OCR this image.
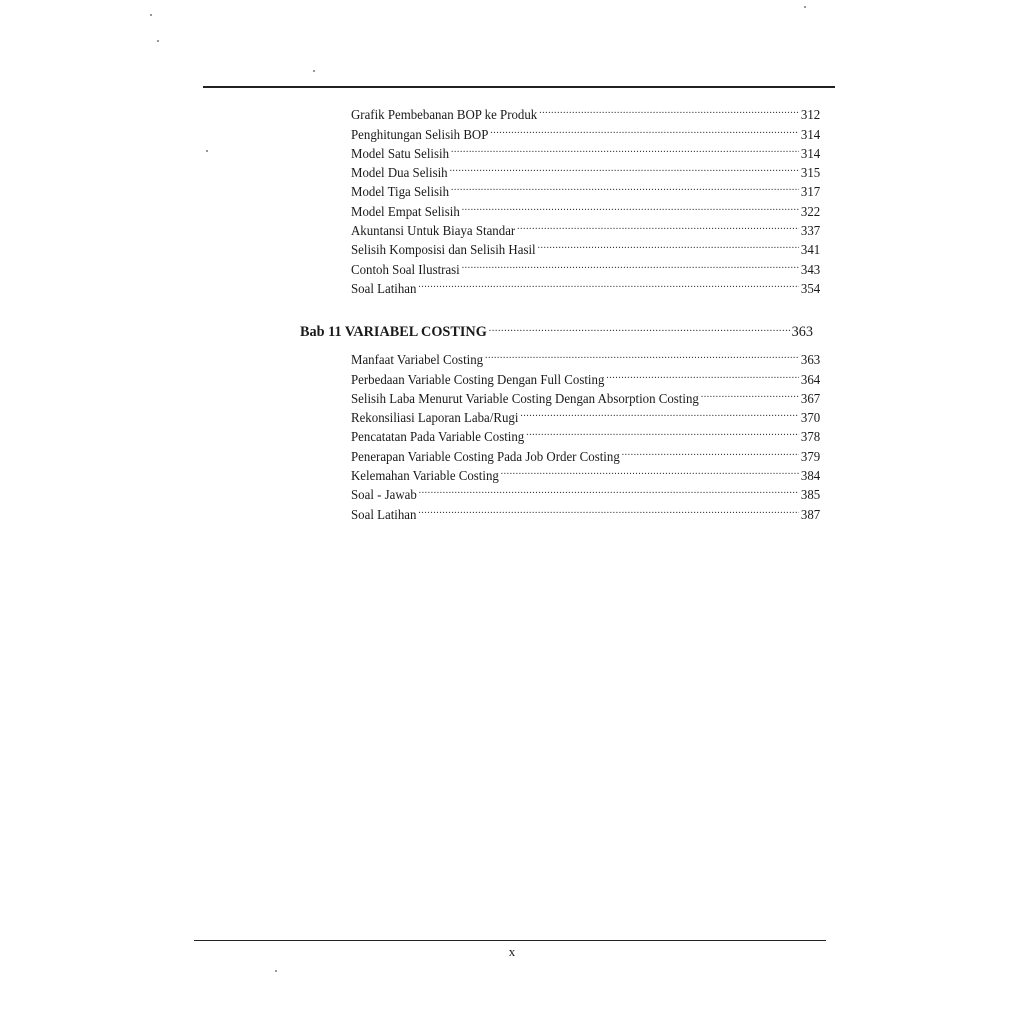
Grafik Pembebanan BOP ke Produk .....	312
Penghitungan Selisih BOP .....	314
Model Satu Selisih .....	314
Model Dua Selisih .....	315
Model Tiga Selisih .....	317
Model Empat Selisih .....	322
Akuntansi Untuk Biaya Standar .....	337
Selisih Komposisi dan Selisih Hasil .....	341
Contoh Soal Ilustrasi .....	343
Soal Latihan .....	354
Bab 11 VARIABEL COSTING .....	363
Manfaat Variabel Costing .....	363
Perbedaan Variable Costing Dengan Full Costing .....	364
Selisih Laba Menurut Variable Costing Dengan Absorption Costing .....	367
Rekonsiliasi Laporan Laba/Rugi .....	370
Pencatatan Pada Variable Costing .....	378
Penerapan Variable Costing Pada Job Order Costing .....	379
Kelemahan Variable Costing .....	384
Soal - Jawab .....	385
Soal Latihan .....	387
x
